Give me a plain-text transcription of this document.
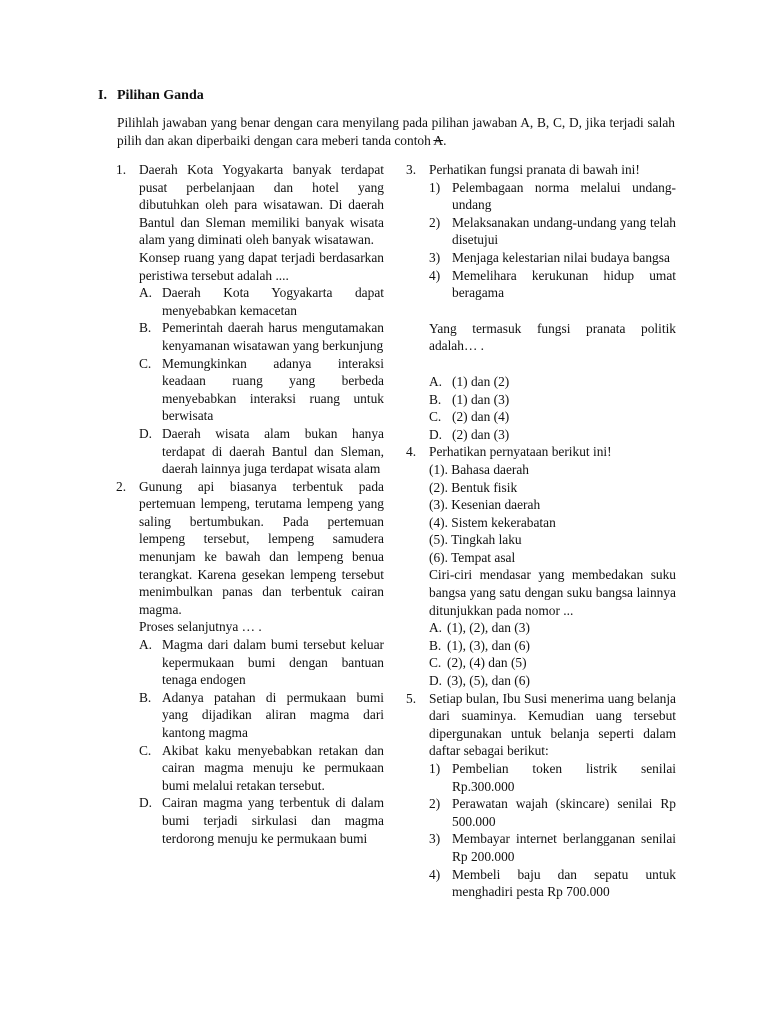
I. Pilihan Ganda
Pilihlah jawaban yang benar dengan cara menyilang pada pilihan jawaban A, B, C, D, jika terjadi salah pilih dan akan diperbaiki dengan cara meberi tanda contoh A.
1. Daerah Kota Yogyakarta banyak terdapat pusat perbelanjaan dan hotel yang dibutuhkan oleh para wisatawan. Di daerah Bantul dan Sleman memiliki banyak wisata alam yang diminati oleh banyak wisatawan.
Konsep ruang yang dapat terjadi berdasarkan peristiwa tersebut adalah ....
A. Daerah Kota Yogyakarta dapat menyebabkan kemacetan
B. Pemerintah daerah harus mengutamakan kenyamanan wisatawan yang berkunjung
C. Memungkinkan adanya interaksi keadaan ruang yang berbeda menyebabkan interaksi ruang untuk berwisata
D. Daerah wisata alam bukan hanya terdapat di daerah Bantul dan Sleman, daerah lainnya juga terdapat wisata alam
2. Gunung api biasanya terbentuk pada pertemuan lempeng, terutama lempeng yang saling bertumbukan. Pada pertemuan lempeng tersebut, lempeng samudera menunjam ke bawah dan lempeng benua terangkat. Karena gesekan lempeng tersebut menimbulkan panas dan terbentuk cairan magma.
Proses selanjutnya … .
A. Magma dari dalam bumi tersebut keluar kepermukaan bumi dengan bantuan tenaga endogen
B. Adanya patahan di permukaan bumi yang dijadikan aliran magma dari kantong magma
C. Akibat kaku menyebabkan retakan dan cairan magma menuju ke permukaan bumi melalui retakan tersebut.
D. Cairan magma yang terbentuk di dalam bumi terjadi sirkulasi dan magma terdorong menuju ke permukaan bumi
3. Perhatikan fungsi pranata di bawah ini!
1) Pelembagaan norma melalui undang-undang
2) Melaksanakan undang-undang yang telah disetujui
3) Menjaga kelestarian nilai budaya bangsa
4) Memelihara kerukunan hidup umat beragama
Yang termasuk fungsi pranata politik adalah… .
A. (1) dan (2)
B. (1) dan (3)
C. (2) dan (4)
D. (2) dan (3)
4. Perhatikan pernyataan berikut ini!
(1). Bahasa daerah
(2). Bentuk fisik
(3). Kesenian daerah
(4). Sistem kekerabatan
(5). Tingkah laku
(6). Tempat asal
Ciri-ciri mendasar yang membedakan suku bangsa yang satu dengan suku bangsa lainnya ditunjukkan pada nomor ...
A. (1), (2), dan (3)
B. (1), (3), dan (6)
C. (2), (4) dan (5)
D. (3), (5), dan (6)
5. Setiap bulan, Ibu Susi menerima uang belanja dari suaminya. Kemudian uang tersebut dipergunakan untuk belanja seperti dalam daftar sebagai berikut:
1) Pembelian token listrik senilai Rp.300.000
2) Perawatan wajah (skincare) senilai Rp 500.000
3) Membayar internet berlangganan senilai Rp 200.000
4) Membeli baju dan sepatu untuk menghadiri pesta Rp 700.000
